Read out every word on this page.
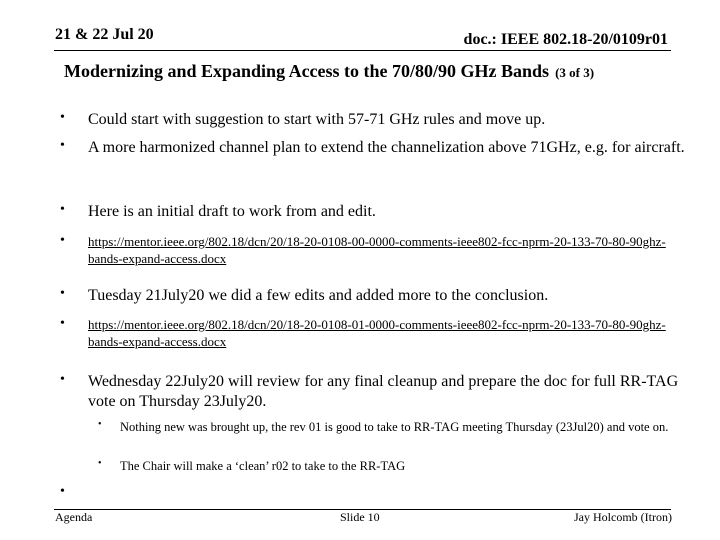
21 & 22 Jul 20	doc.: IEEE 802.18-20/0109r01
Modernizing and Expanding Access to the 70/80/90 GHz Bands (3 of 3)
• Could start with suggestion to start with 57-71 GHz rules and move up.
• A more harmonized channel plan to extend the channelization above 71GHz, e.g. for aircraft.
• Here is an initial draft to work from and edit.
• https://mentor.ieee.org/802.18/dcn/20/18-20-0108-00-0000-comments-ieee802-fcc-nprm-20-133-70-80-90ghz-bands-expand-access.docx
• Tuesday 21July20 we did a few edits and added more to the conclusion.
• https://mentor.ieee.org/802.18/dcn/20/18-20-0108-01-0000-comments-ieee802-fcc-nprm-20-133-70-80-90ghz-bands-expand-access.docx
• Wednesday 22July20 will review for any final cleanup and prepare the doc for full RR-TAG vote on Thursday 23July20.
• Nothing new was brought up, the rev 01 is good to take to RR-TAG meeting Thursday (23Jul20) and vote on.
• The Chair will make a ‘clean’ r02 to take to the RR-TAG
•
Agenda	Slide 10	Jay Holcomb (Itron)
